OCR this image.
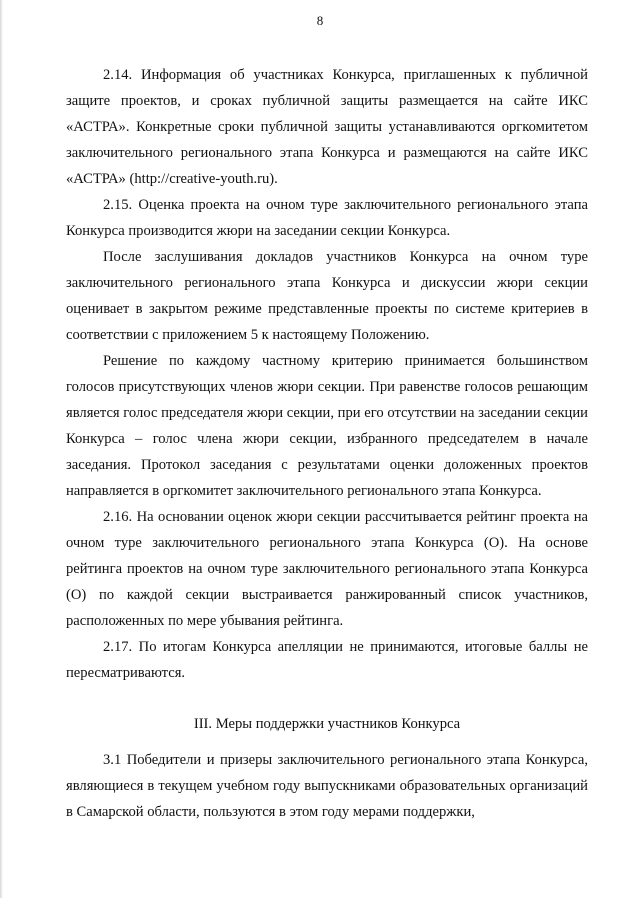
8

2.14. Информация об участниках Конкурса, приглашенных к публичной защите проектов, и сроках публичной защиты размещается на сайте ИКС «АСТРА». Конкретные сроки публичной защиты устанавливаются оргкомитетом заключительного регионального этапа Конкурса и размещаются на сайте ИКС «АСТРА» (http://creative-youth.ru).

2.15. Оценка проекта на очном туре заключительного регионального этапа Конкурса производится жюри на заседании секции Конкурса.

После заслушивания докладов участников Конкурса на очном туре заключительного регионального этапа Конкурса и дискуссии жюри секции оценивает в закрытом режиме представленные проекты по системе критериев в соответствии с приложением 5 к настоящему Положению.

Решение по каждому частному критерию принимается большинством голосов присутствующих членов жюри секции. При равенстве голосов решающим является голос председателя жюри секции, при его отсутствии на заседании секции Конкурса – голос члена жюри секции, избранного председателем в начале заседания. Протокол заседания с результатами оценки доложенных проектов направляется в оргкомитет заключительного регионального этапа Конкурса.

2.16. На основании оценок жюри секции рассчитывается рейтинг проекта на очном туре заключительного регионального этапа Конкурса (О). На основе рейтинга проектов на очном туре заключительного регионального этапа Конкурса (О) по каждой секции выстраивается ранжированный список участников, расположенных по мере убывания рейтинга.

2.17. По итогам Конкурса апелляции не принимаются, итоговые баллы не пересматриваются.

III. Меры поддержки участников Конкурса

3.1 Победители и призеры заключительного регионального этапа Конкурса, являющиеся в текущем учебном году выпускниками образовательных организаций в Самарской области, пользуются в этом году мерами поддержки,
